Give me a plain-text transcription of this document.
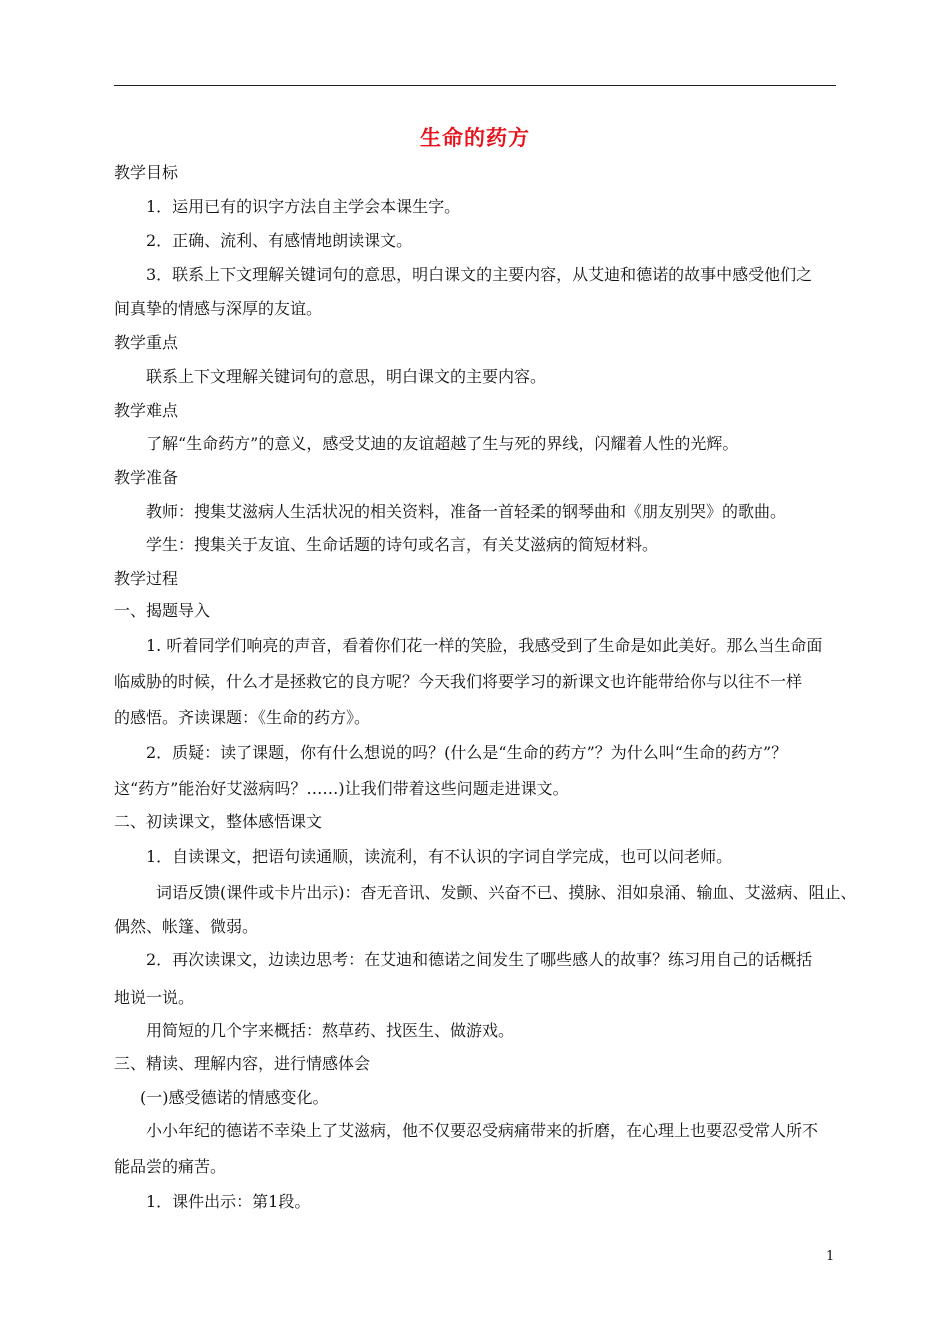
生命的药方
教学目标
1．运用已有的识字方法自主学会本课生字。
2．正确、流利、有感情地朗读课文。
3．联系上下文理解关键词句的意思，明白课文的主要内容，从艾迪和德诺的故事中感受他们之
间真挚的情感与深厚的友谊。
教学重点
联系上下文理解关键词句的意思，明白课文的主要内容。
教学难点
了解“生命药方”的意义，感受艾迪的友谊超越了生与死的界线，闪耀着人性的光辉。
教学准备
教师：搜集艾滋病人生活状况的相关资料，准备一首轻柔的钢琴曲和《朋友别哭》的歌曲。
学生：搜集关于友谊、生命话题的诗句或名言，有关艾滋病的简短材料。
教学过程
一、揭题导入
1. 听着同学们响亮的声音，看着你们花一样的笑脸，我感受到了生命是如此美好。那么当生命面
临威胁的时候，什么才是拯救它的良方呢？今天我们将要学习的新课文也许能带给你与以往不一样
的感悟。齐读课题：《生命的药方》。
2．质疑：读了课题，你有什么想说的吗？(什么是“生命的药方”？为什么叫“生命的药方”？
这“药方”能治好艾滋病吗？……)让我们带着这些问题走进课文。
二、初读课文，整体感悟课文
1．自读课文，把语句读通顺，读流利，有不认识的字词自学完成，也可以问老师。
词语反馈(课件或卡片出示)：杳无音讯、发颤、兴奋不已、摸脉、泪如泉涌、输血、艾滋病、阻止、
偶然、帐篷、微弱。
2．再次读课文，边读边思考：在艾迪和德诺之间发生了哪些感人的故事？练习用自己的话概括
地说一说。
用简短的几个字来概括：熬草药、找医生、做游戏。
三、精读、理解内容，进行情感体会
(一)感受德诺的情感变化。
小小年纪的德诺不幸染上了艾滋病，他不仅要忍受病痛带来的折磨，在心理上也要忍受常人所不
能品尝的痛苦。
1．课件出示：第1段。
1
